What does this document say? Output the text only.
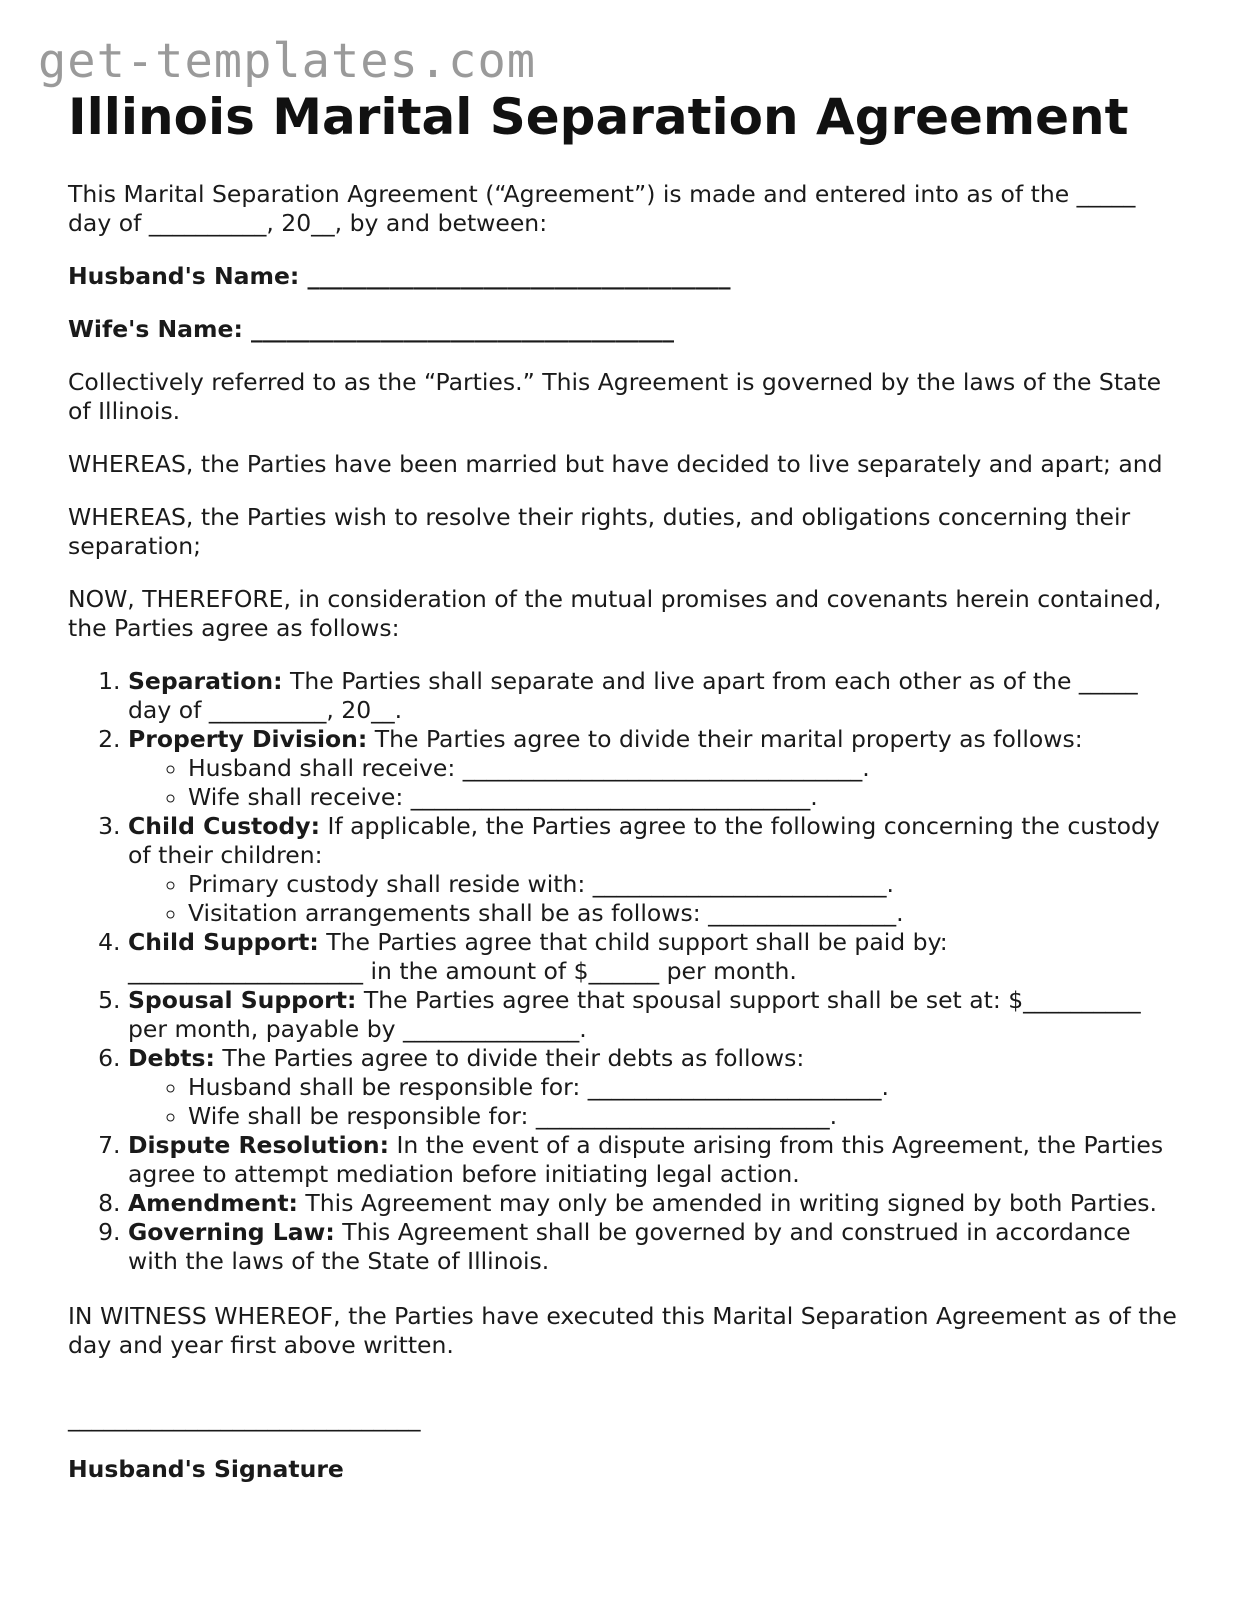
get-templates.com
Illinois Marital Separation Agreement

This Marital Separation Agreement (“Agreement”) is made and entered into as of the _____ day of __________, 20__, by and between:

Husband's Name: ____________________________________

Wife's Name: ____________________________________

Collectively referred to as the “Parties.” This Agreement is governed by the laws of the State of Illinois.

WHEREAS, the Parties have been married but have decided to live separately and apart; and

WHEREAS, the Parties wish to resolve their rights, duties, and obligations concerning their separation;

NOW, THEREFORE, in consideration of the mutual promises and covenants herein contained, the Parties agree as follows:

1. Separation: The Parties shall separate and live apart from each other as of the _____ day of __________, 20__.
2. Property Division: The Parties agree to divide their marital property as follows:
◦ Husband shall receive: __________________________________.
◦ Wife shall receive: __________________________________.
3. Child Custody: If applicable, the Parties agree to the following concerning the custody of their children:
◦ Primary custody shall reside with: _________________________.
◦ Visitation arrangements shall be as follows: ________________.
4. Child Support: The Parties agree that child support shall be paid by: ____________________ in the amount of $______ per month.
5. Spousal Support: The Parties agree that spousal support shall be set at: $__________ per month, payable by _______________.
6. Debts: The Parties agree to divide their debts as follows:
◦ Husband shall be responsible for: _________________________.
◦ Wife shall be responsible for: _________________________.
7. Dispute Resolution: In the event of a dispute arising from this Agreement, the Parties agree to attempt mediation before initiating legal action.
8. Amendment: This Agreement may only be amended in writing signed by both Parties.
9. Governing Law: This Agreement shall be governed by and construed in accordance with the laws of the State of Illinois.

IN WITNESS WHEREOF, the Parties have executed this Marital Separation Agreement as of the day and year first above written.

______________________________
Husband's Signature
